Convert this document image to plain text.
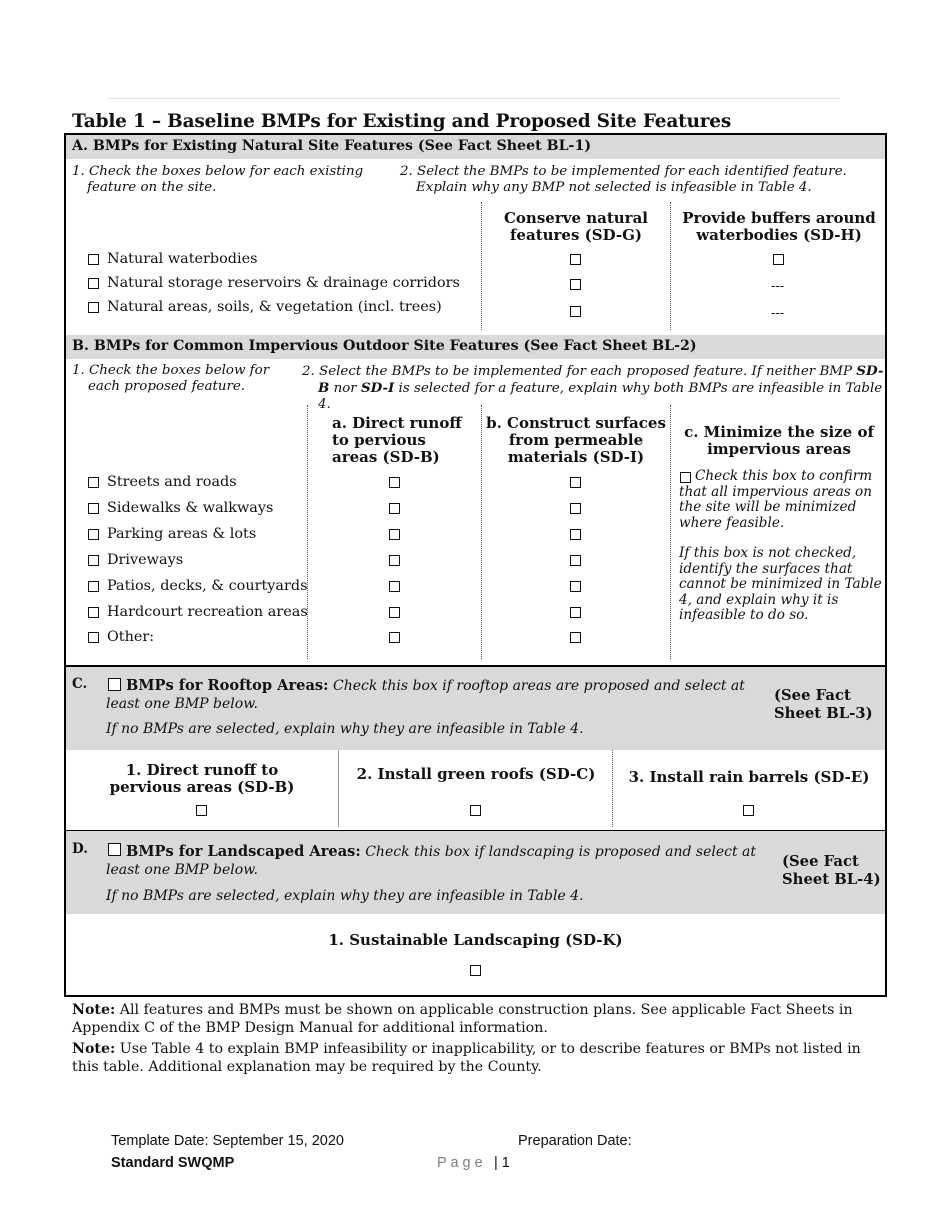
Table 1 – Baseline BMPs for Existing and Proposed Site Features
A. BMPs for Existing Natural Site Features (See Fact Sheet BL-1)
1. Check the boxes below for each existing feature on the site.
2. Select the BMPs to be implemented for each identified feature. Explain why any BMP not selected is infeasible in Table 4.
Conserve natural features (SD-G)
Provide buffers around waterbodies (SD-H)
Natural waterbodies
Natural storage reservoirs & drainage corridors	---
Natural areas, soils, & vegetation (incl. trees)	---
B. BMPs for Common Impervious Outdoor Site Features (See Fact Sheet BL-2)
1. Check the boxes below for each proposed feature.
2. Select the BMPs to be implemented for each proposed feature. If neither BMP SD-B nor SD-I is selected for a feature, explain why both BMPs are infeasible in Table 4.
a. Direct runoff to pervious areas (SD-B)
b. Construct surfaces from permeable materials (SD-I)
c. Minimize the size of impervious areas
Streets and roads
Sidewalks & walkways
Parking areas & lots
Driveways
Patios, decks, & courtyards
Hardcourt recreation areas
Other:
Check this box to confirm that all impervious areas on the site will be minimized where feasible.
If this box is not checked, identify the surfaces that cannot be minimized in Table 4, and explain why it is infeasible to do so.
C.	BMPs for Rooftop Areas: Check this box if rooftop areas are proposed and select at least one BMP below.
If no BMPs are selected, explain why they are infeasible in Table 4.
(See Fact Sheet BL-3)
1. Direct runoff to pervious areas (SD-B)
2. Install green roofs (SD-C)	3. Install rain barrels (SD-E)
D.	BMPs for Landscaped Areas: Check this box if landscaping is proposed and select at least one BMP below.
If no BMPs are selected, explain why they are infeasible in Table 4.
(See Fact Sheet BL-4)
1. Sustainable Landscaping (SD-K)
Note: All features and BMPs must be shown on applicable construction plans. See applicable Fact Sheets in Appendix C of the BMP Design Manual for additional information.
Note: Use Table 4 to explain BMP infeasibility or inapplicability, or to describe features or BMPs not listed in this table. Additional explanation may be required by the County.
Template Date: September 15, 2020	Preparation Date:
Standard SWQMP	P a g e | 1
